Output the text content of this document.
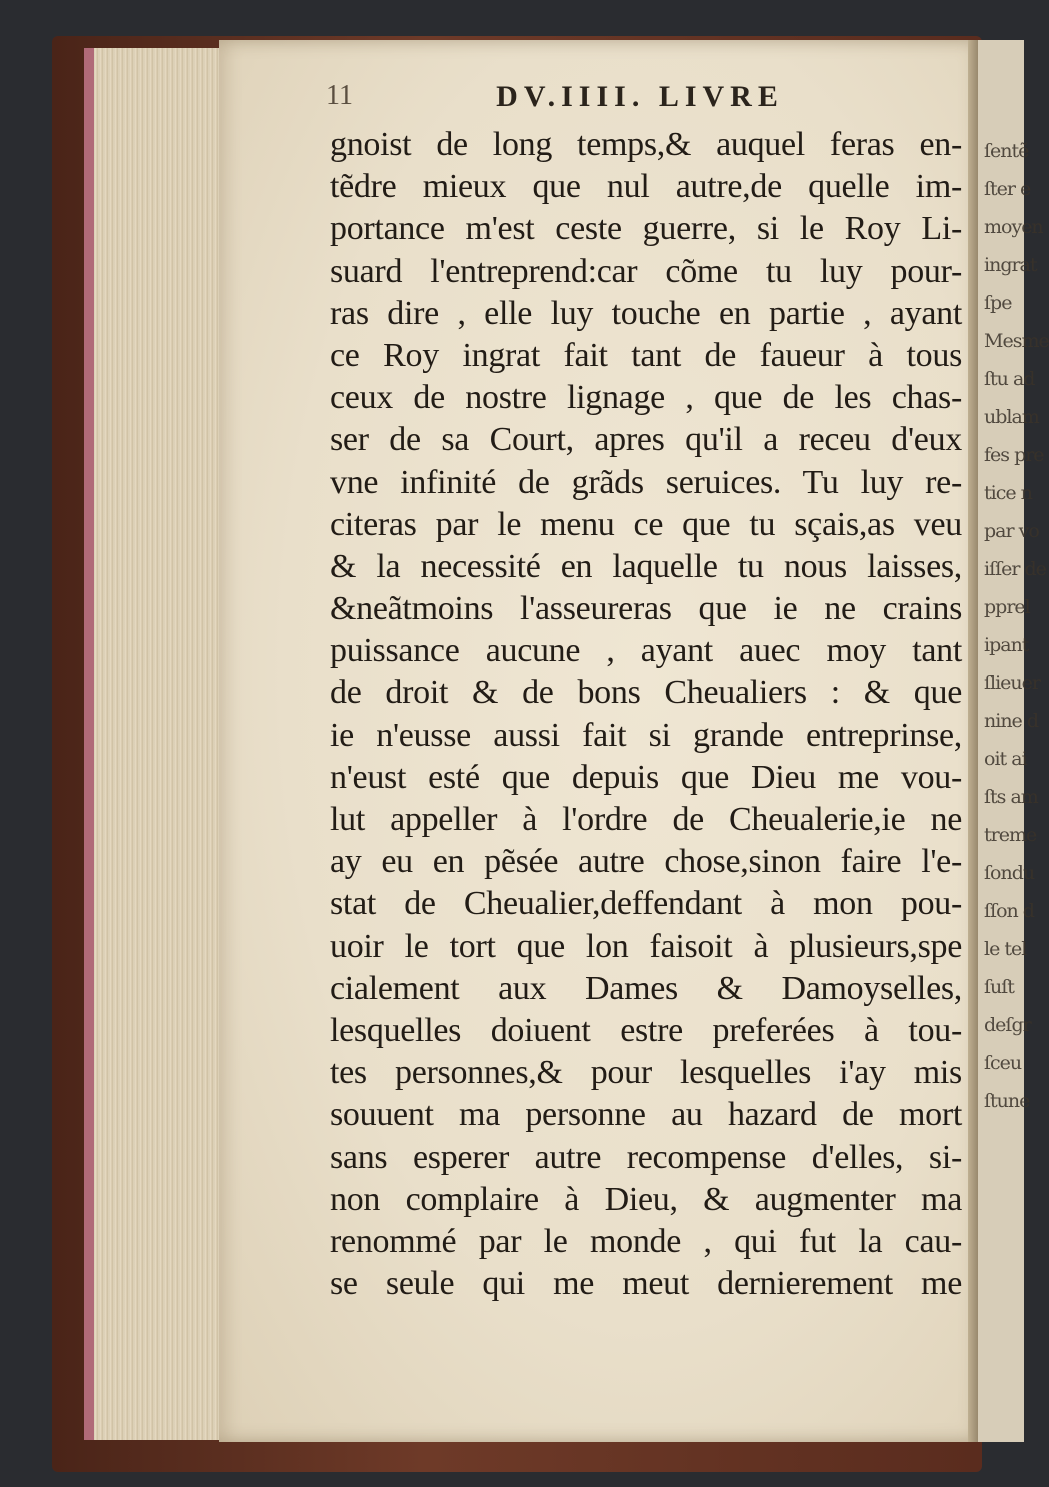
11	DV.IIII. LIVRE
gnoist de long temps,& auquel feras en-
tẽdre mieux que nul autre,de quelle im-
portance m'est ceste guerre, si le Roy Li-
suard l'entreprend:car cõme tu luy pour-
ras dire , elle luy touche en partie , ayant
ce Roy ingrat fait tant de faueur à tous
ceux de nostre lignage , que de les chas-
ser de sa Court, apres qu'il a receu d'eux
vne infinité de grãds seruices. Tu luy re-
citeras par le menu ce que tu sçais,as veu
& la necessité en laquelle tu nous laisses,
&neãtmoins l'asseureras que ie ne crains
puissance aucune , ayant auec moy tant
de droit & de bons Cheualiers : & que
ie n'eusse aussi fait si grande entreprinse,
n'eust esté que depuis que Dieu me vou-
lut appeller à l'ordre de Cheualerie,ie ne
ay eu en pẽsée autre chose,sinon faire l'e-
stat de Cheualier,deffendant à mon pou-
uoir le tort que lon faisoit à plusieurs,spe
cialement aux Dames & Damoyselles,
lesquelles doiuent estre preferées à tou-
tes personnes,& pour lesquelles i'ay mis
souuent ma personne au hazard de mort
sans esperer autre recompense d'elles, si-
non complaire à Dieu, & augmenter ma
renommé par le monde , qui fut la cau-
se seule qui me meut dernierement me
ſentẽ
ſter e
moyen
ingrat
ſpe
Mesme
ſtu ad
ublam
fes pre
tice n
par vo
iſſer de
pprel
ipant
ſlieuer
nine d
oit ai
ſts am
treme
ſondu
ſſon d
le tel
ſuſt
deſgr
ſceu
ſtune
